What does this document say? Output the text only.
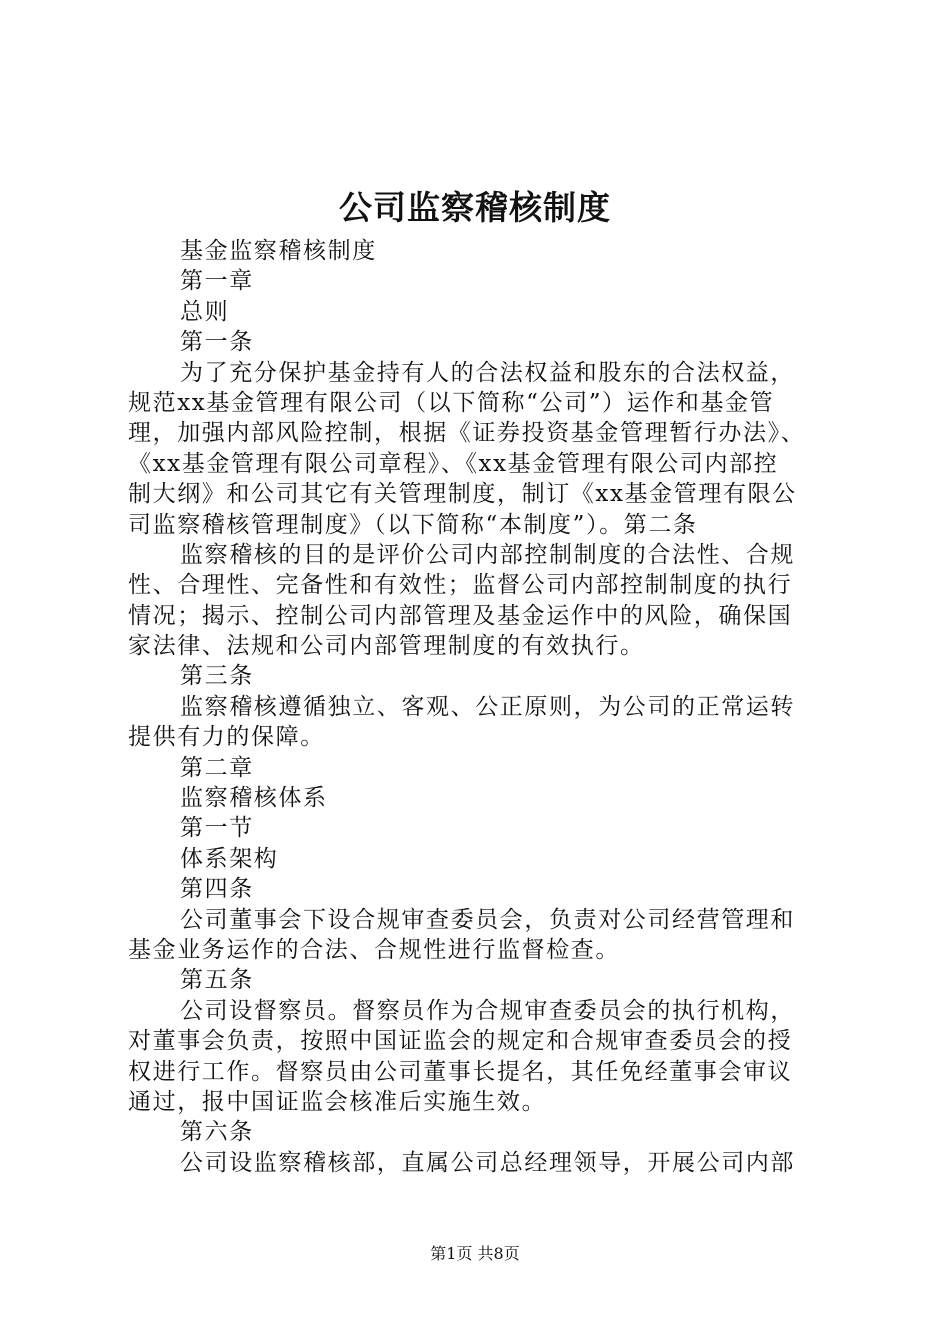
公司监察稽核制度
基金监察稽核制度
第一章
总则
第一条
为了充分保护基金持有人的合法权益和股东的合法权益，
规范xx基金管理有限公司（以下简称“公司”）运作和基金管
理，加强内部风险控制，根据《证券投资基金管理暂行办法》、
《xx基金管理有限公司章程》、《xx基金管理有限公司内部控
制大纲》和公司其它有关管理制度，制订《xx基金管理有限公
司监察稽核管理制度》（以下简称“本制度”）。第二条
监察稽核的目的是评价公司内部控制制度的合法性、合规
性、合理性、完备性和有效性；监督公司内部控制制度的执行
情况；揭示、控制公司内部管理及基金运作中的风险，确保国
家法律、法规和公司内部管理制度的有效执行。
第三条
监察稽核遵循独立、客观、公正原则，为公司的正常运转
提供有力的保障。
第二章
监察稽核体系
第一节
体系架构
第四条
公司董事会下设合规审查委员会，负责对公司经营管理和
基金业务运作的合法、合规性进行监督检查。
第五条
公司设督察员。督察员作为合规审查委员会的执行机构，
对董事会负责，按照中国证监会的规定和合规审查委员会的授
权进行工作。督察员由公司董事长提名，其任免经董事会审议
通过，报中国证监会核准后实施生效。
第六条
公司设监察稽核部，直属公司总经理领导，开展公司内部
第1页 共8页
